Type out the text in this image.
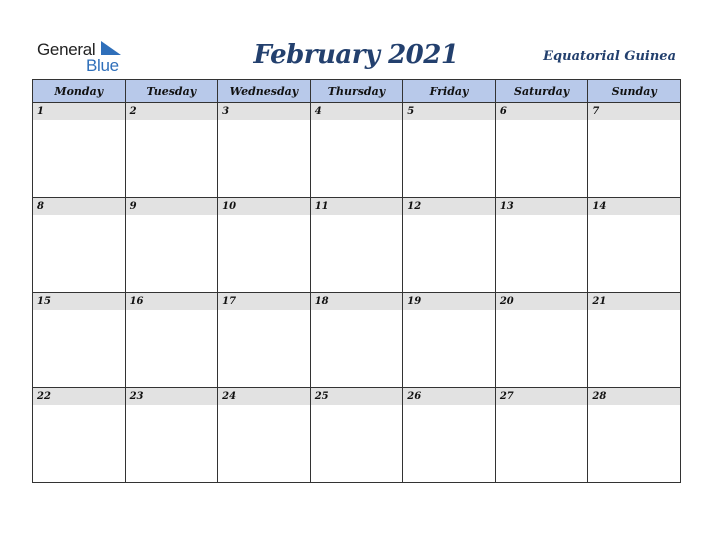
General
Blue	February 2021	Equatorial Guinea
Monday	Tuesday	Wednesday	Thursday	Friday	Saturday	Sunday

1	2	3	4	5	6	7

8	9	10	11	12	13	14

15	16	17	18	19	20	21

22	23	24	25	26	27	28
